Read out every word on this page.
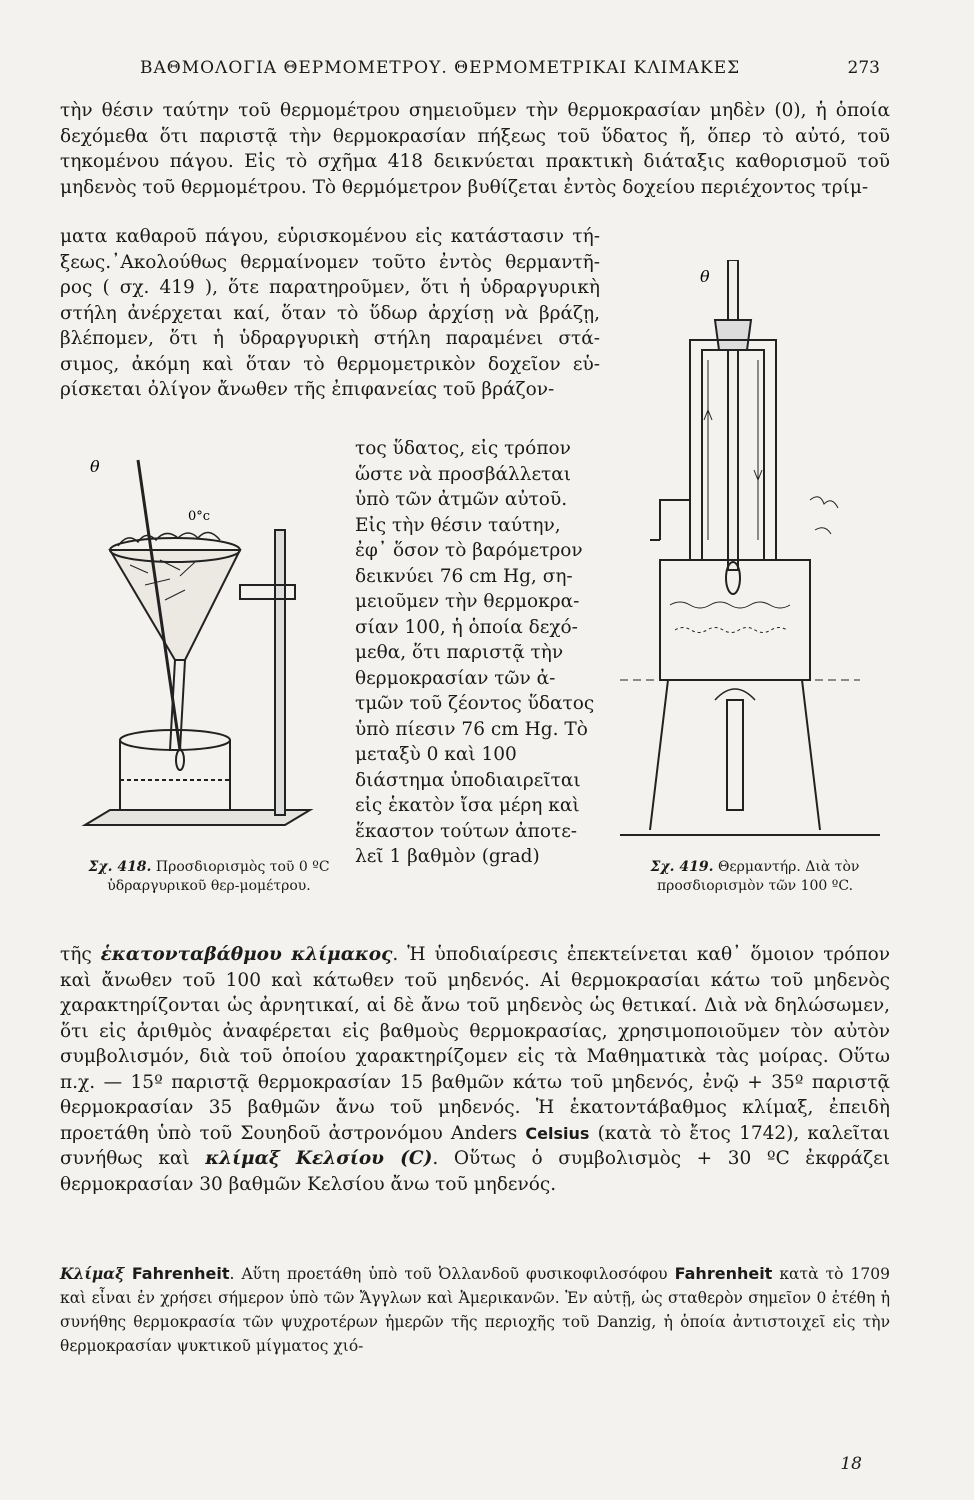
ΒΑΘΜΟΛΟΓΙΑ ΘΕΡΜΟΜΕΤΡΟΥ. ΘΕΡΜΟΜΕΤΡΙΚΑΙ ΚΛΙΜΑΚΕΣ	273

τὴν θέσιν ταύτην τοῦ θερμομέτρου σημειοῦμεν τὴν θερμοκρασίαν μηδὲν (0), ἡ ὁποία δεχόμεθα ὅτι παριστᾷ τὴν θερμοκρασίαν πήξεως τοῦ ὕδατος ἤ, ὅπερ τὸ αὐτό, τοῦ τηκομένου πάγου. Εἰς τὸ σχῆμα 418 δεικνύεται πρακτικὴ διάταξις καθορισμοῦ τοῦ μηδενὸς τοῦ θερμομέτρου. Τὸ θερμόμετρον βυθίζεται ἐντὸς δοχείου περιέχοντος τρίμ-

ματα καθαροῦ πάγου, εὑρισκομένου εἰς κατάστασιν τή-ξεως.᾿Ακολούθως θερμαίνομεν τοῦτο ἐντὸς θερμαντῆ-ρος ( σχ. 419 ), ὅτε παρατηροῦμεν, ὅτι ἡ ὑδραργυρικὴ στήλη ἀνέρχεται καί, ὅταν τὸ ὕδωρ ἀρχίσῃ νὰ βράζῃ, βλέπομεν, ὅτι ἡ ὑδραργυρικὴ στήλη παραμένει στά-σιμος, ἀκόμη καὶ ὅταν τὸ θερμομετρικὸν δοχεῖον εὑ-ρίσκεται ὀλίγον ἄνωθεν τῆς ἐπιφανείας τοῦ βράζον-

τος ὕδατος, εἰς τρόπον ὥστε νὰ προσβάλλεται ὑπὸ τῶν ἀτμῶν αὐτοῦ. Εἰς τὴν θέσιν ταύτην, ἐφ᾿ ὅσον τὸ βαρόμετρον δεικνύει 76 cm Hg, ση-μειοῦμεν τὴν θερμοκρα-σίαν 100, ἡ ὁποία δεχό-μεθα, ὅτι παριστᾷ τὴν θερμοκρασίαν τῶν ἀ-τμῶν τοῦ ζέοντος ὕδατος ὑπὸ πίεσιν 76 cm Hg. Τὸ μεταξὺ 0 καὶ 100 διάστημα ὑποδιαιρεῖται εἰς ἑκατὸν ἴσα μέρη καὶ ἕκαστον τούτων ἀποτε-λεῖ 1 βαθμὸν (grad)

θ
0°c
Σχ. 418. Προσδιορισμὸς τοῦ 0 ºC ὑδραργυρικοῦ θερ-μομέτρου.
θ
Σχ. 419. Θερμαντήρ. Διὰ τὸν προσδιορισμὸν τῶν 100 ºC.

τῆς ἑκατονταβάθμου κλίμακος. Ἡ ὑποδιαίρεσις ἐπεκτείνεται καθ᾿ ὅμοιον τρόπον καὶ ἄνωθεν τοῦ 100 καὶ κάτωθεν τοῦ μηδενός. Αἱ θερμοκρασίαι κάτω τοῦ μηδενὸς χαρακτηρίζονται ὡς ἀρνητικαί, αἱ δὲ ἄνω τοῦ μηδενὸς ὡς θετικαί. Διὰ νὰ δηλώσωμεν, ὅτι εἰς ἀριθμὸς ἀναφέρεται εἰς βαθμοὺς θερμοκρασίας, χρησιμοποιοῦμεν τὸν αὐτὸν συμβολισμόν, διὰ τοῦ ὁποίου χαρακτηρίζομεν εἰς τὰ Μαθηματικὰ τὰς μοίρας. Οὕτω π.χ. — 15º παριστᾷ θερμοκρασίαν 15 βαθμῶν κάτω τοῦ μηδενός, ἐνῷ + 35º παριστᾷ θερμοκρασίαν 35 βαθμῶν ἄνω τοῦ μηδενός. Ἡ ἑκατοντάβαθμος κλίμαξ, ἐπειδὴ προετάθη ὑπὸ τοῦ Σουηδοῦ ἀστρονόμου Anders Celsius (κατὰ τὸ ἔτος 1742), καλεῖται συνήθως καὶ κλίμαξ Κελσίου (C). Οὕτως ὁ συμβολισμὸς + 30 ºC ἐκφράζει θερμοκρασίαν 30 βαθμῶν Κελσίου ἄνω τοῦ μηδενός.

Κλίμαξ Fahrenheit. Αὕτη προετάθη ὑπὸ τοῦ Ὀλλανδοῦ φυσικοφιλοσόφου Fahrenheit κατὰ τὸ 1709 καὶ εἶναι ἐν χρήσει σήμερον ὑπὸ τῶν Ἄγγλων καὶ Ἀμερικανῶν. Ἐν αὐτῇ, ὡς σταθερὸν σημεῖον 0 ἐτέθη ἡ συνήθης θερμοκρασία τῶν ψυχροτέρων ἡμερῶν τῆς περιοχῆς τοῦ Danzig, ἡ ὁποία ἀντιστοιχεῖ εἰς τὴν θερμοκρασίαν ψυκτικοῦ μίγματος χιό-

18
